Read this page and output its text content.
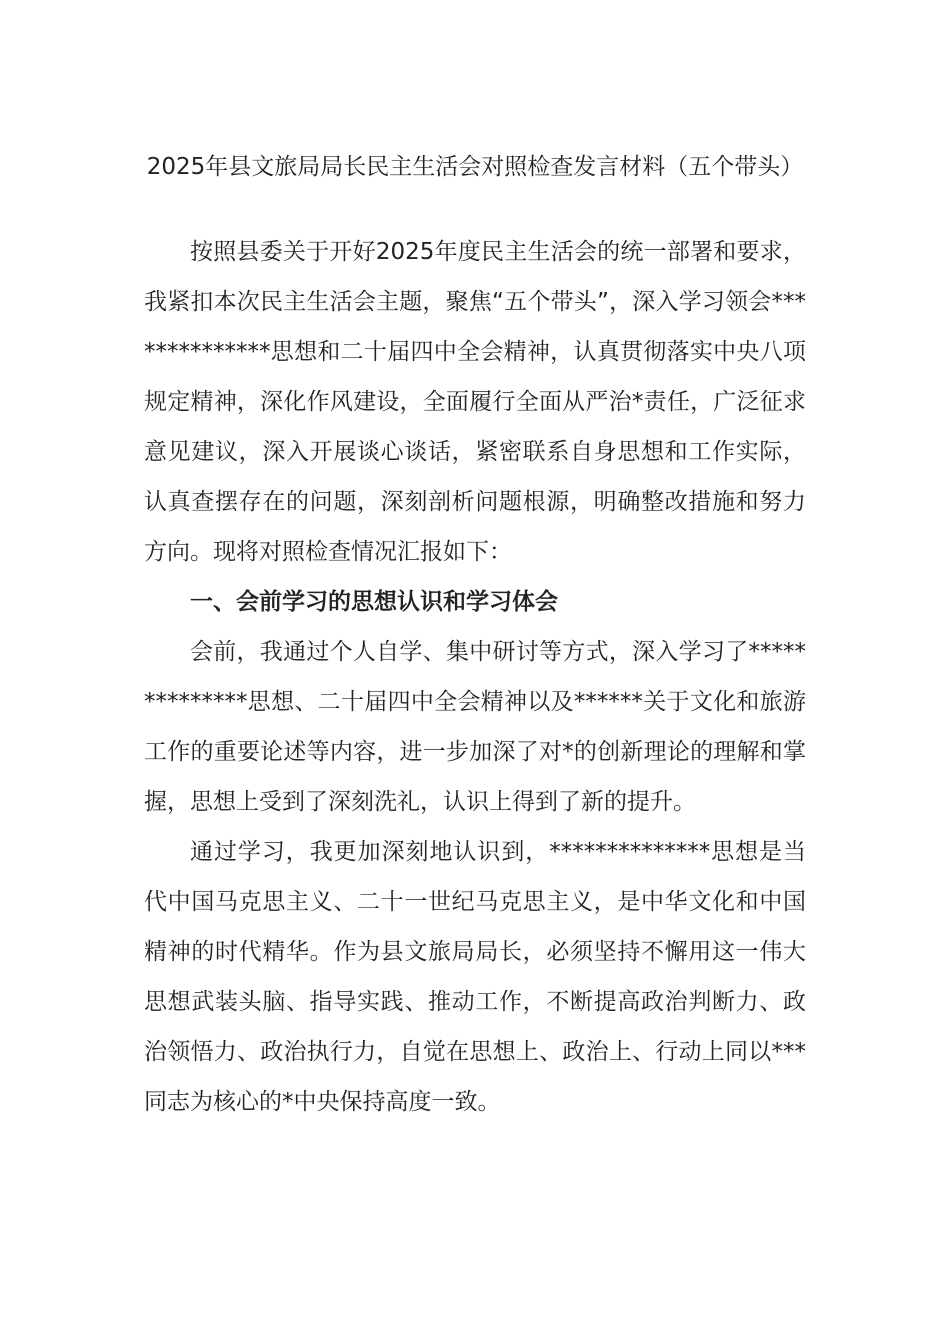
2025年县文旅局局长民主生活会对照检查发言材料（五个带头）

按照县委关于开好2025年度民主生活会的统一部署和要求，我紧扣本次民主生活会主题，聚焦“五个带头”，深入学习领会**************思想和二十届四中全会精神，认真贯彻落实中央八项规定精神，深化作风建设，全面履行全面从严治*责任，广泛征求意见建议，深入开展谈心谈话，紧密联系自身思想和工作实际，认真查摆存在的问题，深刻剖析问题根源，明确整改措施和努力方向。现将对照检查情况汇报如下：

一、会前学习的思想认识和学习体会

会前，我通过个人自学、集中研讨等方式，深入学习了**************思想、二十届四中全会精神以及******关于文化和旅游工作的重要论述等内容，进一步加深了对*的创新理论的理解和掌握，思想上受到了深刻洗礼，认识上得到了新的提升。

通过学习，我更加深刻地认识到，**************思想是当代中国马克思主义、二十一世纪马克思主义，是中华文化和中国精神的时代精华。作为县文旅局局长，必须坚持不懈用这一伟大思想武装头脑、指导实践、推动工作，不断提高政治判断力、政治领悟力、政治执行力，自觉在思想上、政治上、行动上同以***同志为核心的*中央保持高度一致。
